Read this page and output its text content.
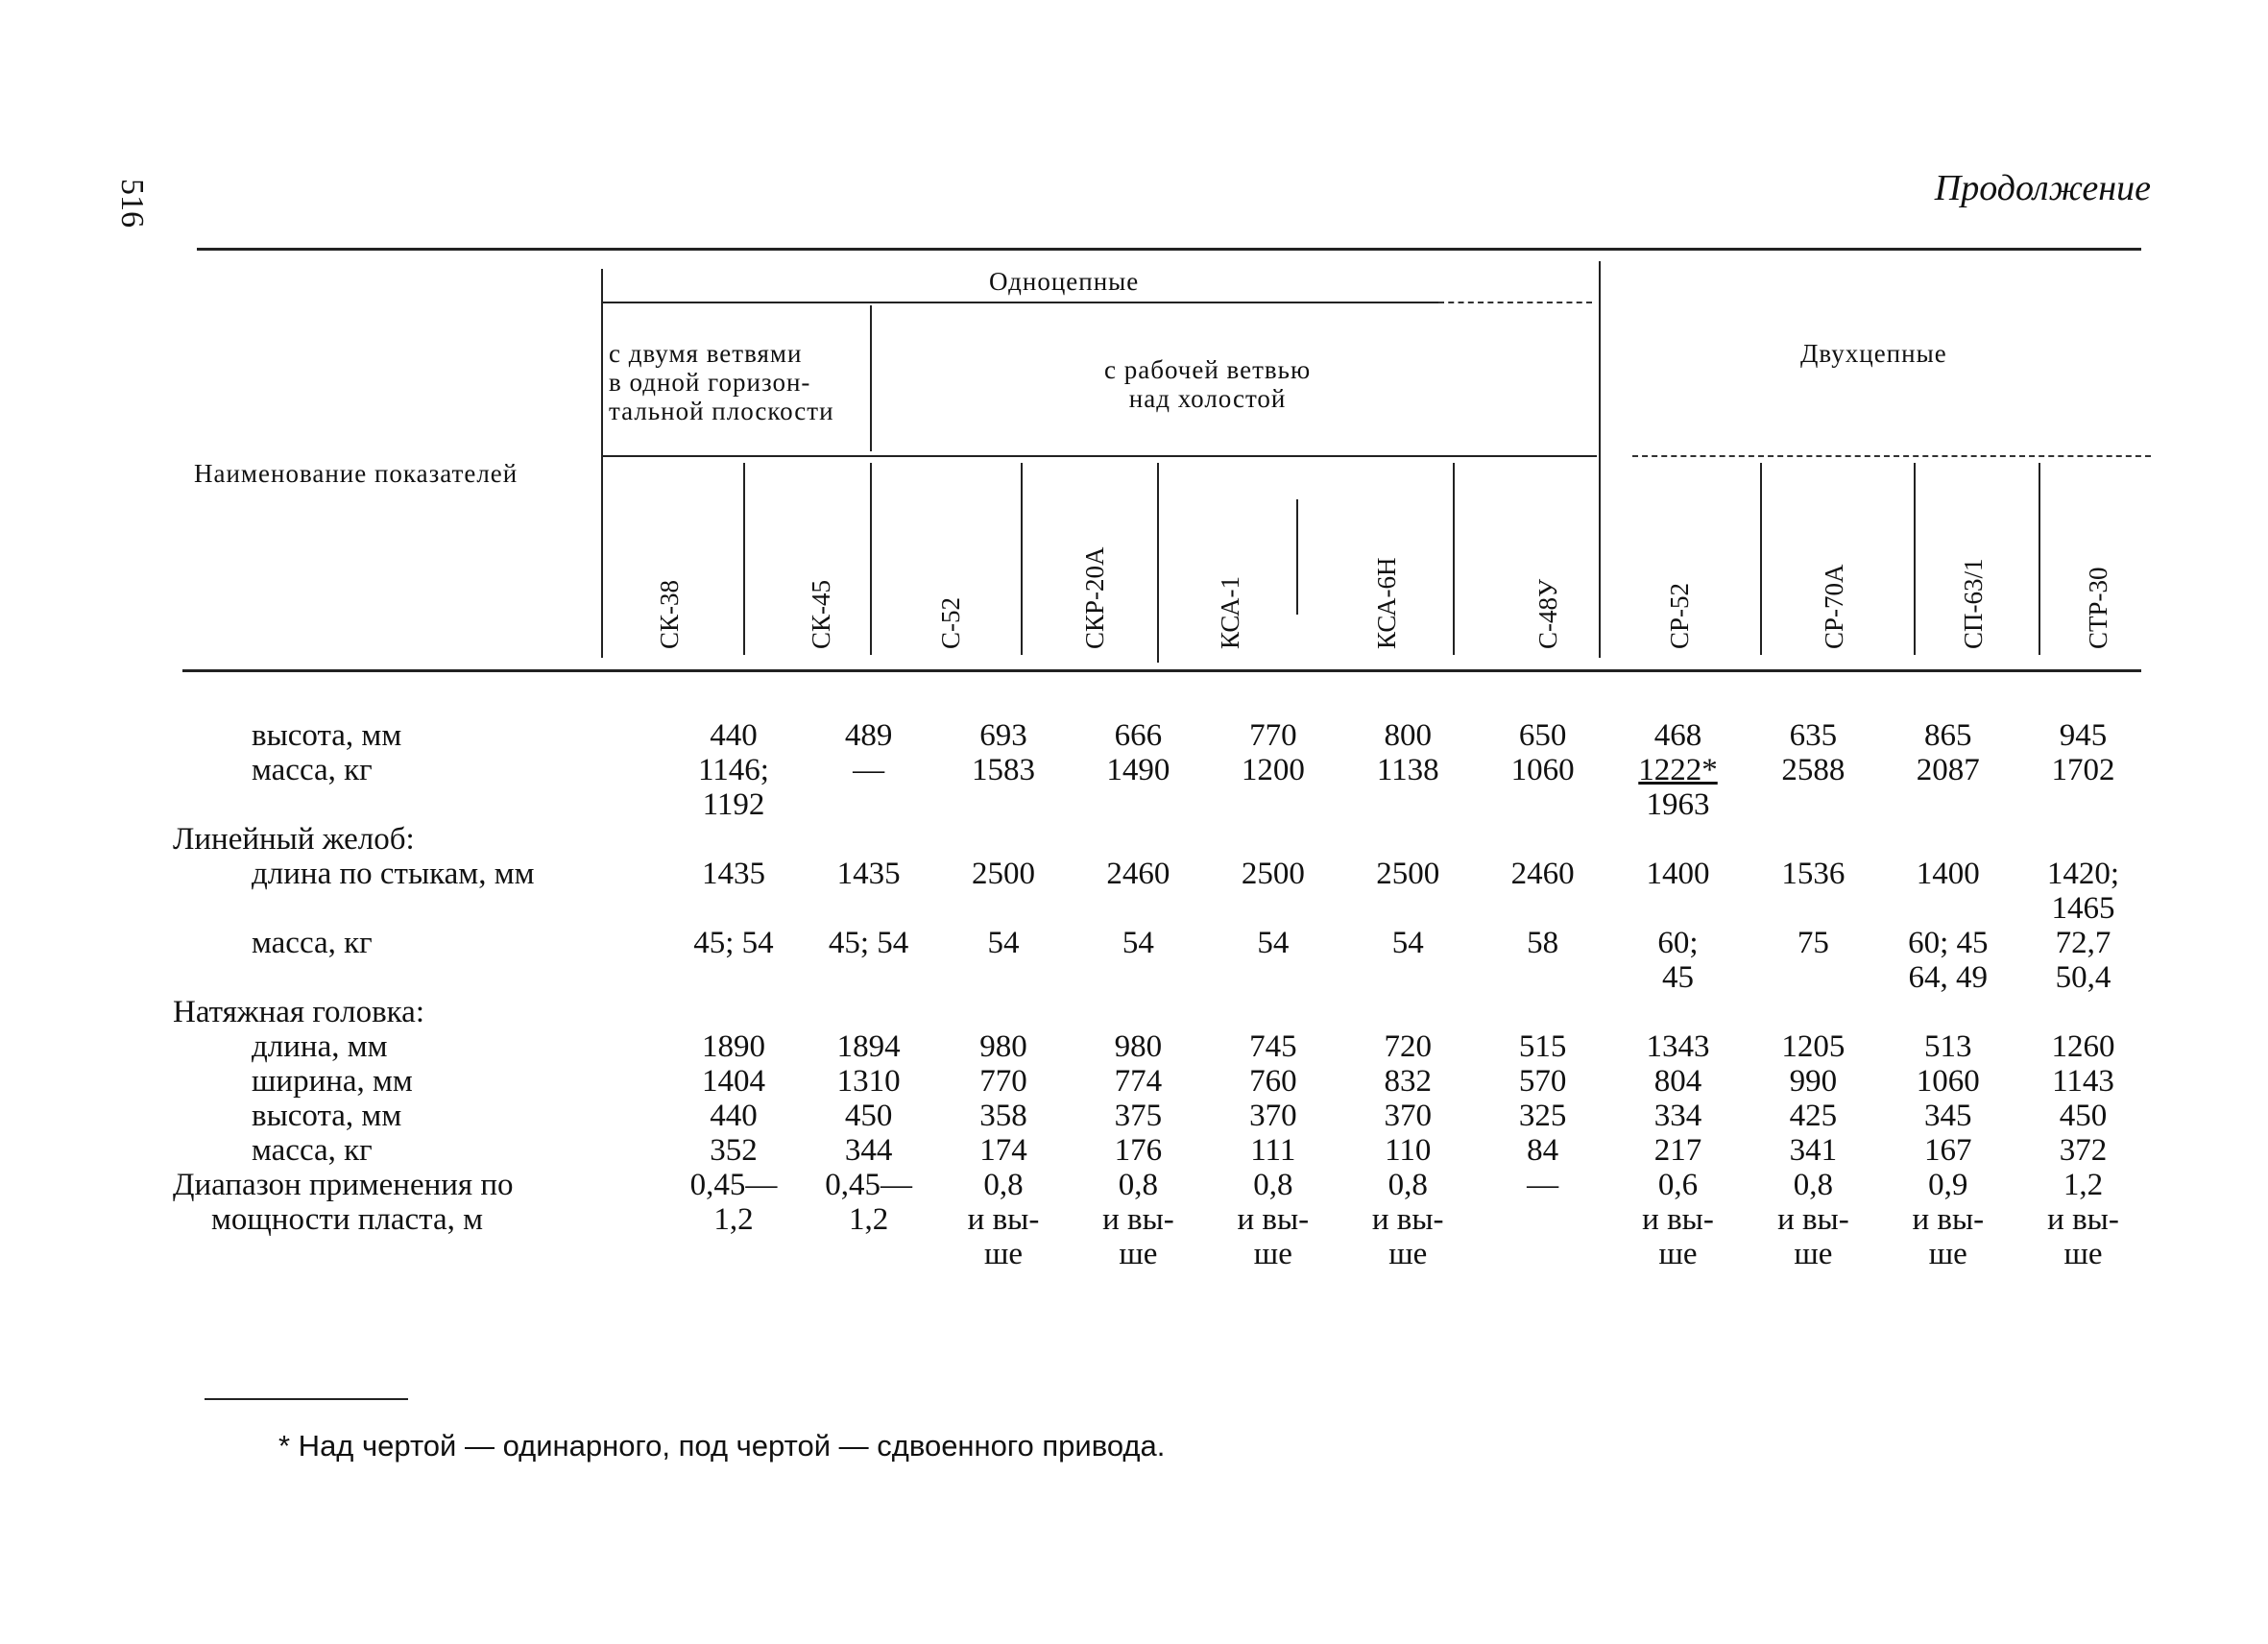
516	Продолжение
Наименование показателей
Одноцепные
с двумя ветвями
в одной горизон-
тальной плоскости
с рабочей ветвью
над холостой
Двухцепные
СК-38	СК-45	С-52	СКР-20А	КСА-1	КСА-6Н	С-48У	СР-52	СР-70А	СП-63/1	СТР-30
высота, мм	440	489	693	666	770	800	650	468	635	865	945
масса, кг	1146;	—	1583	1490	1200	1138	1060	1222*	2588	2087	1702
	1192							1963			
Линейный желоб:											
длина по стыкам, мм	1435	1435	2500	2460	2500	2500	2460	1400	1536	1400	1420;
											1465
масса, кг	45; 54	45; 54	54	54	54	54	58	60;	75	60; 45	72,7
								45		64, 49	50,4
Натяжная головка:											
длина, мм	1890	1894	980	980	745	720	515	1343	1205	513	1260
ширина, мм	1404	1310	770	774	760	832	570	804	990	1060	1143
высота, мм	440	450	358	375	370	370	325	334	425	345	450
масса, кг	352	344	174	176	111	110	84	217	341	167	372
Диапазон применения по	0,45—	0,45—	0,8	0,8	0,8	0,8	—	0,6	0,8	0,9	1,2
мощности пласта, м	1,2	1,2	и вы-	и вы-	и вы-	и вы-		и вы-	и вы-	и вы-	и вы-
			ше	ше	ше	ше		ше	ше	ше	ше
* Над чертой — одинарного, под чертой — сдвоенного привода.
